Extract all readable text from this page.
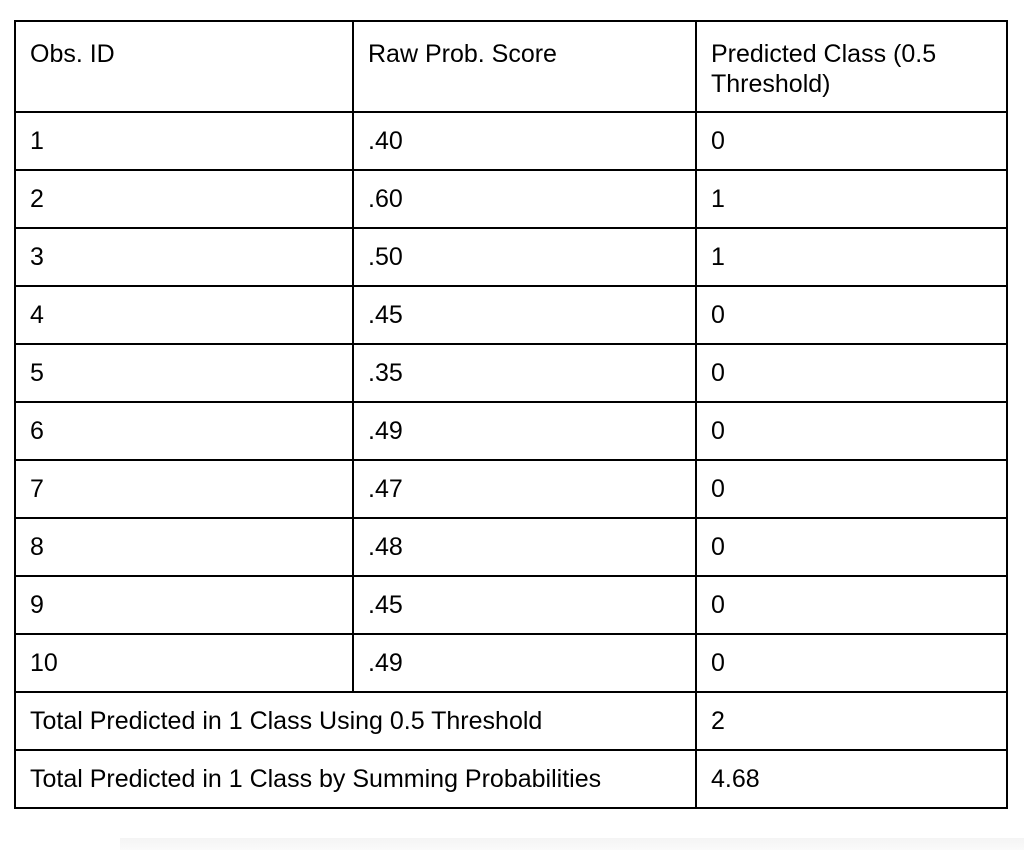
Obs. ID	Raw Prob. Score	Predicted Class (0.5 Threshold)
1	.40	0
2	.60	1
3	.50	1
4	.45	0
5	.35	0
6	.49	0
7	.47	0
8	.48	0
9	.45	0
10	.49	0
Total Predicted in 1 Class Using 0.5 Threshold		2
Total Predicted in 1 Class by Summing Probabilities		4.68
